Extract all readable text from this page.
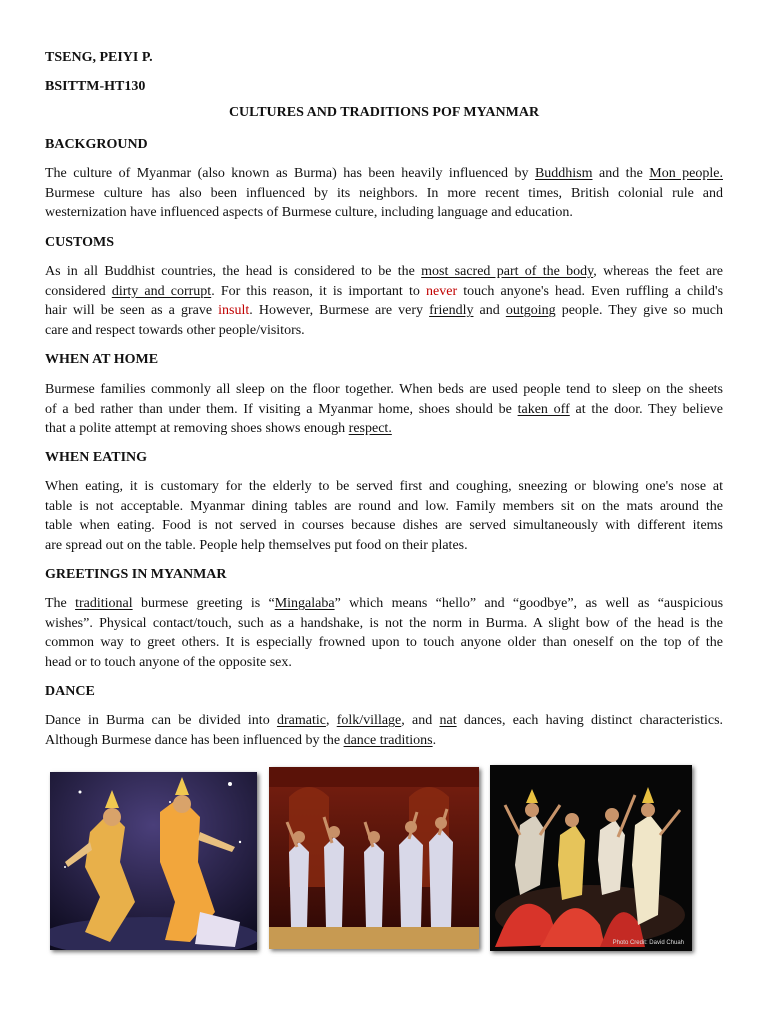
TSENG, PEIYI P.
BSITTM-HT130
CULTURES AND TRADITIONS POF MYANMAR
BACKGROUND
The culture of Myanmar (also known as Burma) has been heavily influenced by Buddhism and the Mon people.
Burmese culture has also been influenced by its neighbors. In more recent times, British colonial rule and
westernization have influenced aspects of Burmese culture, including language and education.
CUSTOMS
As in all Buddhist countries, the head is considered to be the most sacred part of the body, whereas the feet are
considered dirty and corrupt. For this reason, it is important to never touch anyone's head. Even ruffling a child's
hair will be seen as a grave insult. However, Burmese are very friendly and outgoing people. They give so much
care and respect towards other people/visitors.
WHEN AT HOME
Burmese families commonly all sleep on the floor together. When beds are used people tend to sleep on the sheets
of a bed rather than under them. If visiting a Myanmar home, shoes should be taken off at the door. They believe
that a polite attempt at removing shoes shows enough respect.
WHEN EATING
When eating, it is customary for the elderly to be served first and coughing, sneezing or blowing one's nose at
table is not acceptable. Myanmar dining tables are round and low. Family members sit on the mats around the
table when eating. Food is not served in courses because dishes are served simultaneously with different items
are spread out on the table. People help themselves put food on their plates.
GREETINGS IN MYANMAR
The traditional burmese greeting is “Mingalaba” which means “hello” and “goodbye”, as well as “auspicious
wishes”. Physical contact/touch, such as a handshake, is not the norm in Burma. A slight bow of the head is the
common way to greet others. It is especially frowned upon to touch anyone older than oneself on the top of the
head or to touch anyone of the opposite sex.
DANCE
Dance in Burma can be divided into dramatic, folk/village, and nat dances, each having distinct characteristics.
Although Burmese dance has been influenced by the dance traditions.
Photo Credit: David Chuah
